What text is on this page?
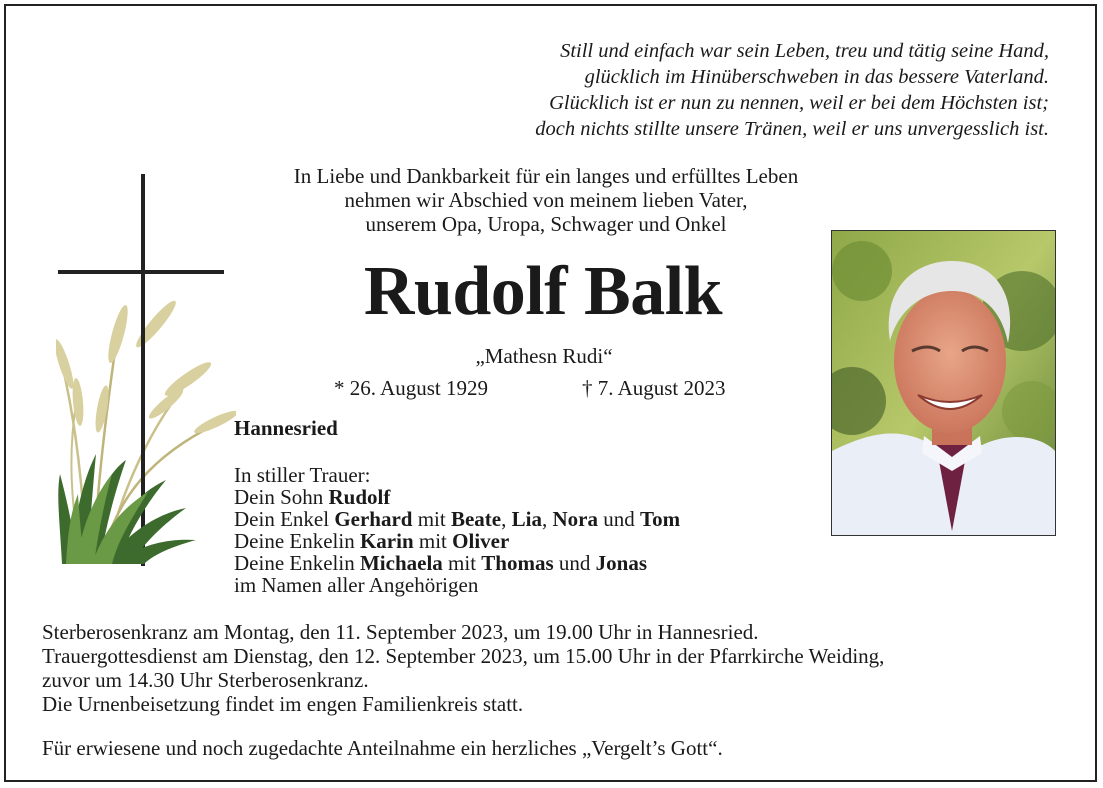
Still und einfach war sein Leben, treu und tätig seine Hand,
glücklich im Hinüberschweben in das bessere Vaterland.
Glücklich ist er nun zu nennen, weil er bei dem Höchsten ist;
doch nichts stillte unsere Tränen, weil er uns unvergesslich ist.
In Liebe und Dankbarkeit für ein langes und erfülltes Leben
nehmen wir Abschied von meinem lieben Vater,
unserem Opa, Uropa, Schwager und Onkel
Rudolf Balk
„Mathesn Rudi“
* 26. August 1929	† 7. August 2023
Hannesried
In stiller Trauer:
Dein Sohn Rudolf
Dein Enkel Gerhard mit Beate, Lia, Nora und Tom
Deine Enkelin Karin mit Oliver
Deine Enkelin Michaela mit Thomas und Jonas
im Namen aller Angehörigen
Sterberosenkranz am Montag, den 11. September 2023, um 19.00 Uhr in Hannesried.
Trauergottesdienst am Dienstag, den 12. September 2023, um 15.00 Uhr in der Pfarrkirche Weiding,
zuvor um 14.30 Uhr Sterberosenkranz.
Die Urnenbeisetzung findet im engen Familienkreis statt.
Für erwiesene und noch zugedachte Anteilnahme ein herzliches „Vergelt’s Gott“.
